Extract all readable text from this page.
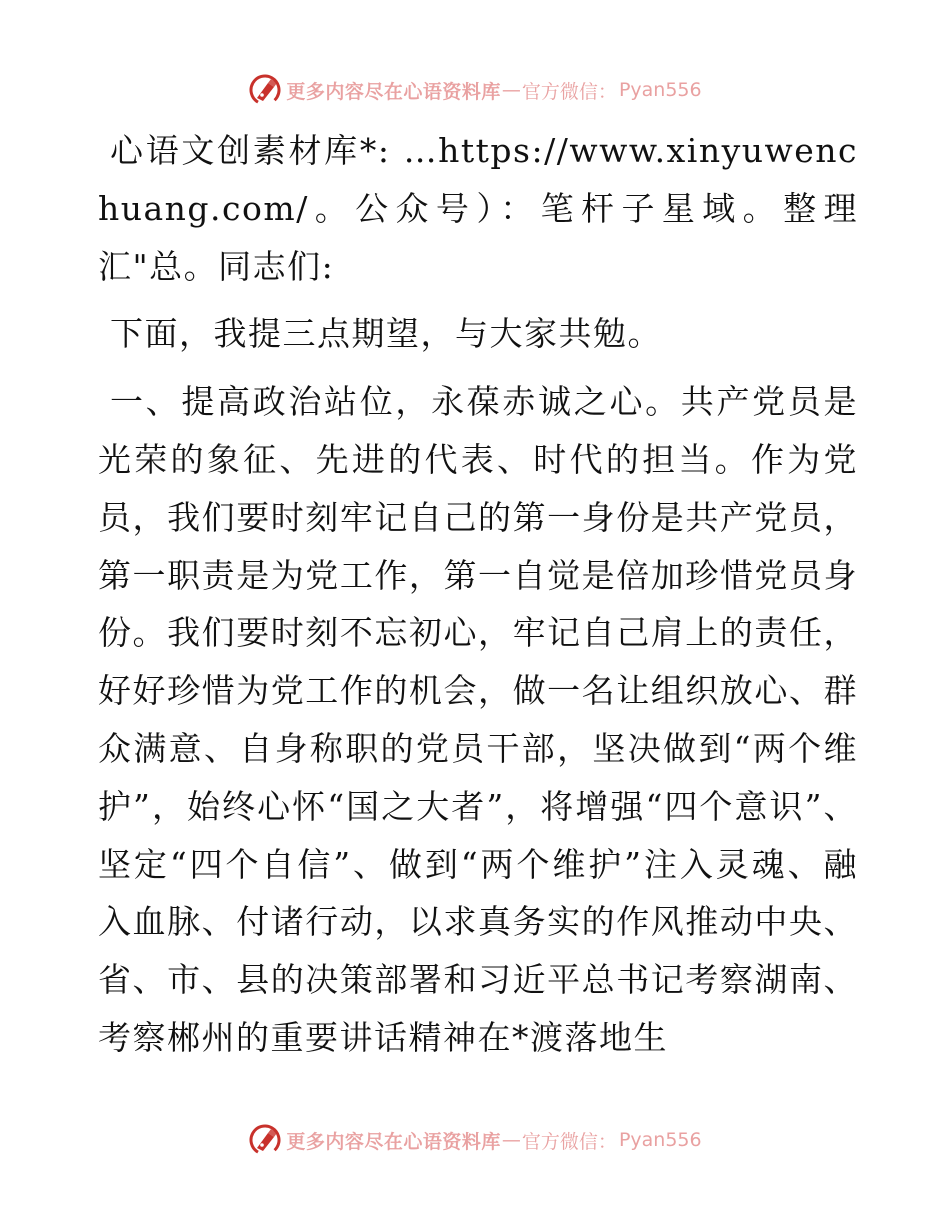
更多内容尽在心语资料库 — 官方微信： Pyan556

心语文创素材库*: …https://www.xinyuwenchuang.com/。公众号）：笔杆子星域。整理汇"总。同志们:

下面，我提三点期望，与大家共勉。

一、提高政治站位，永葆赤诚之心。共产党员是光荣的象征、先进的代表、时代的担当。作为党员，我们要时刻牢记自己的第一身份是共产党员，第一职责是为党工作，第一自觉是倍加珍惜党员身份。我们要时刻不忘初心，牢记自己肩上的责任，好好珍惜为党工作的机会，做一名让组织放心、群众满意、自身称职的党员干部，坚决做到“两个维护”，始终心怀“国之大者”，将增强“四个意识”、坚定“四个自信”、做到“两个维护”注入灵魂、融入血脉、付诸行动，以求真务实的作风推动中央、省、市、县的决策部署和习近平总书记考察湖南、考察郴州的重要讲话精神在*渡落地生

更多内容尽在心语资料库 — 官方微信： Pyan556
